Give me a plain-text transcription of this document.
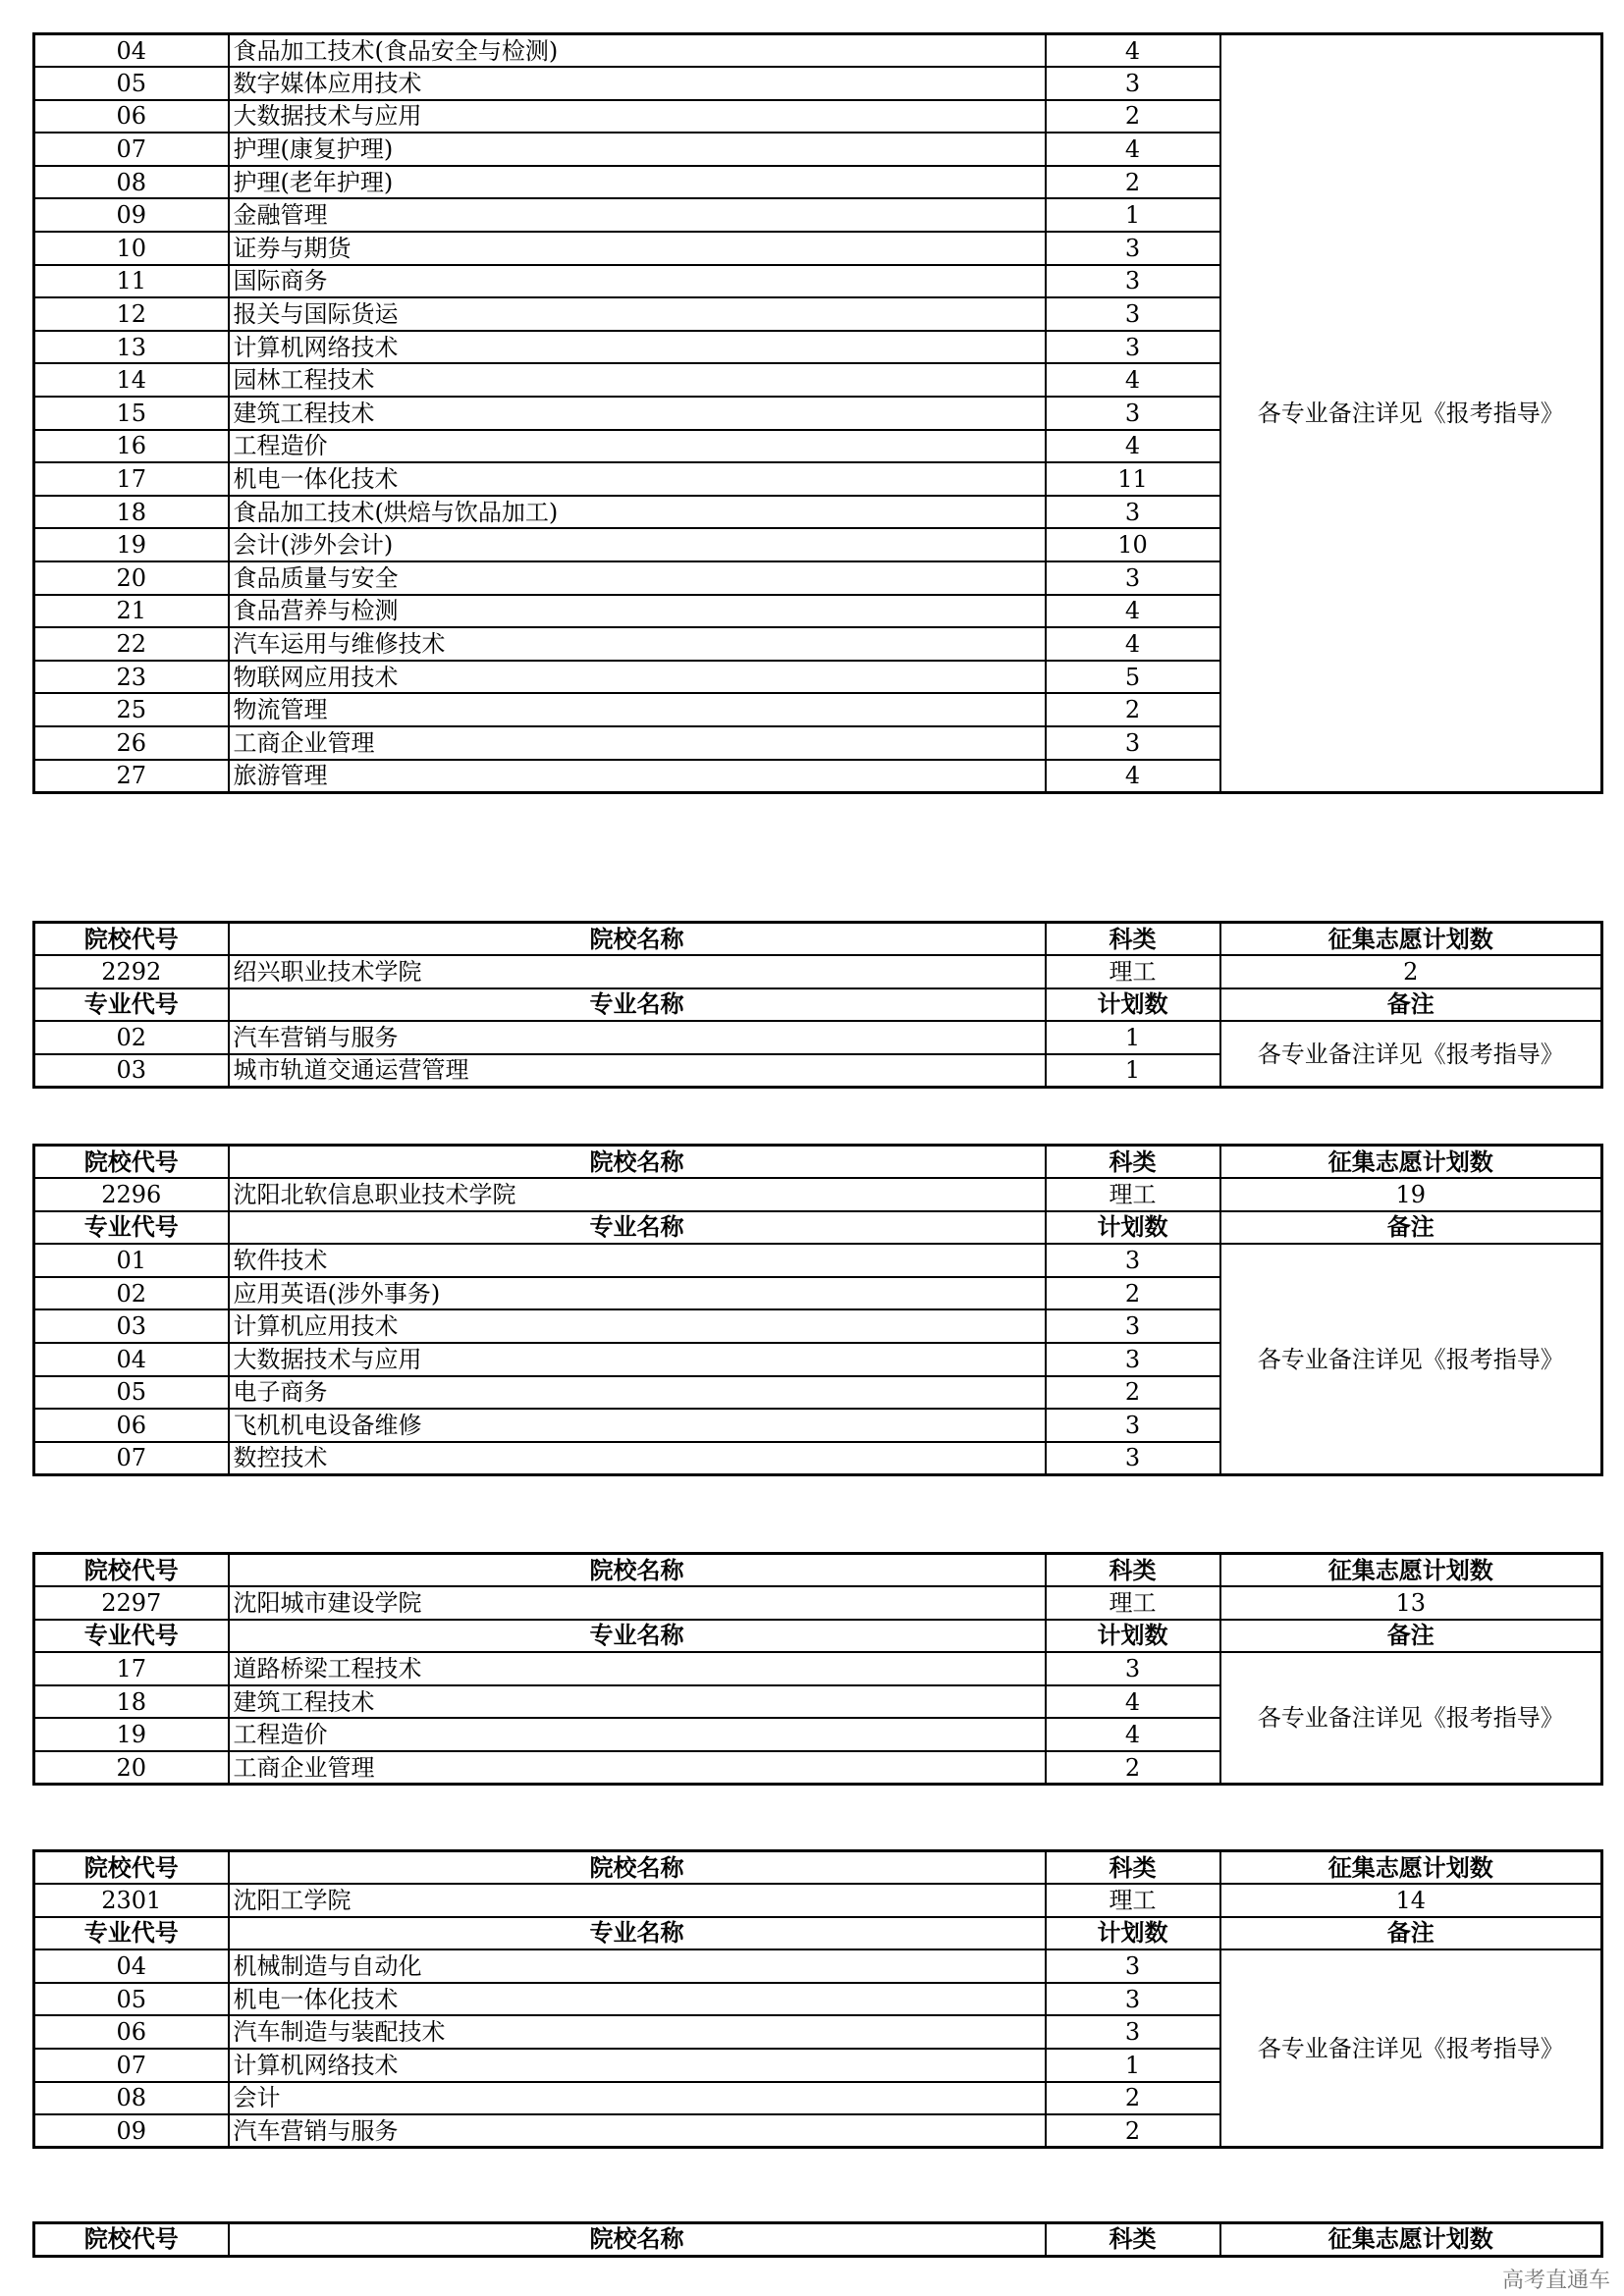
04	食品加工技术(食品安全与检测)	4	各专业备注详见《报考指导》
05	数字媒体应用技术	3	
06	大数据技术与应用	2	
07	护理(康复护理)	4	
08	护理(老年护理)	2	
09	金融管理	1	
10	证券与期货	3	
11	国际商务	3	
12	报关与国际货运	3	
13	计算机网络技术	3	
14	园林工程技术	4	
15	建筑工程技术	3	
16	工程造价	4	
17	机电一体化技术	11	
18	食品加工技术(烘焙与饮品加工)	3	
19	会计(涉外会计)	10	
20	食品质量与安全	3	
21	食品营养与检测	4	
22	汽车运用与维修技术	4	
23	物联网应用技术	5	
25	物流管理	2	
26	工商企业管理	3	
27	旅游管理	4	
院校代号	院校名称	科类	征集志愿计划数
2292	绍兴职业技术学院	理工	2
专业代号	专业名称	计划数	备注
02	汽车营销与服务	1	各专业备注详见《报考指导》
03	城市轨道交通运营管理	1	
院校代号	院校名称	科类	征集志愿计划数
2296	沈阳北软信息职业技术学院	理工	19
专业代号	专业名称	计划数	备注
01	软件技术	3	各专业备注详见《报考指导》
02	应用英语(涉外事务)	2	
03	计算机应用技术	3	
04	大数据技术与应用	3	
05	电子商务	2	
06	飞机机电设备维修	3	
07	数控技术	3	
院校代号	院校名称	科类	征集志愿计划数
2297	沈阳城市建设学院	理工	13
专业代号	专业名称	计划数	备注
17	道路桥梁工程技术	3	各专业备注详见《报考指导》
18	建筑工程技术	4	
19	工程造价	4	
20	工商企业管理	2	
院校代号	院校名称	科类	征集志愿计划数
2301	沈阳工学院	理工	14
专业代号	专业名称	计划数	备注
04	机械制造与自动化	3	各专业备注详见《报考指导》
05	机电一体化技术	3	
06	汽车制造与装配技术	3	
07	计算机网络技术	1	
08	会计	2	
09	汽车营销与服务	2	
院校代号	院校名称	科类	征集志愿计划数
高考直通车
